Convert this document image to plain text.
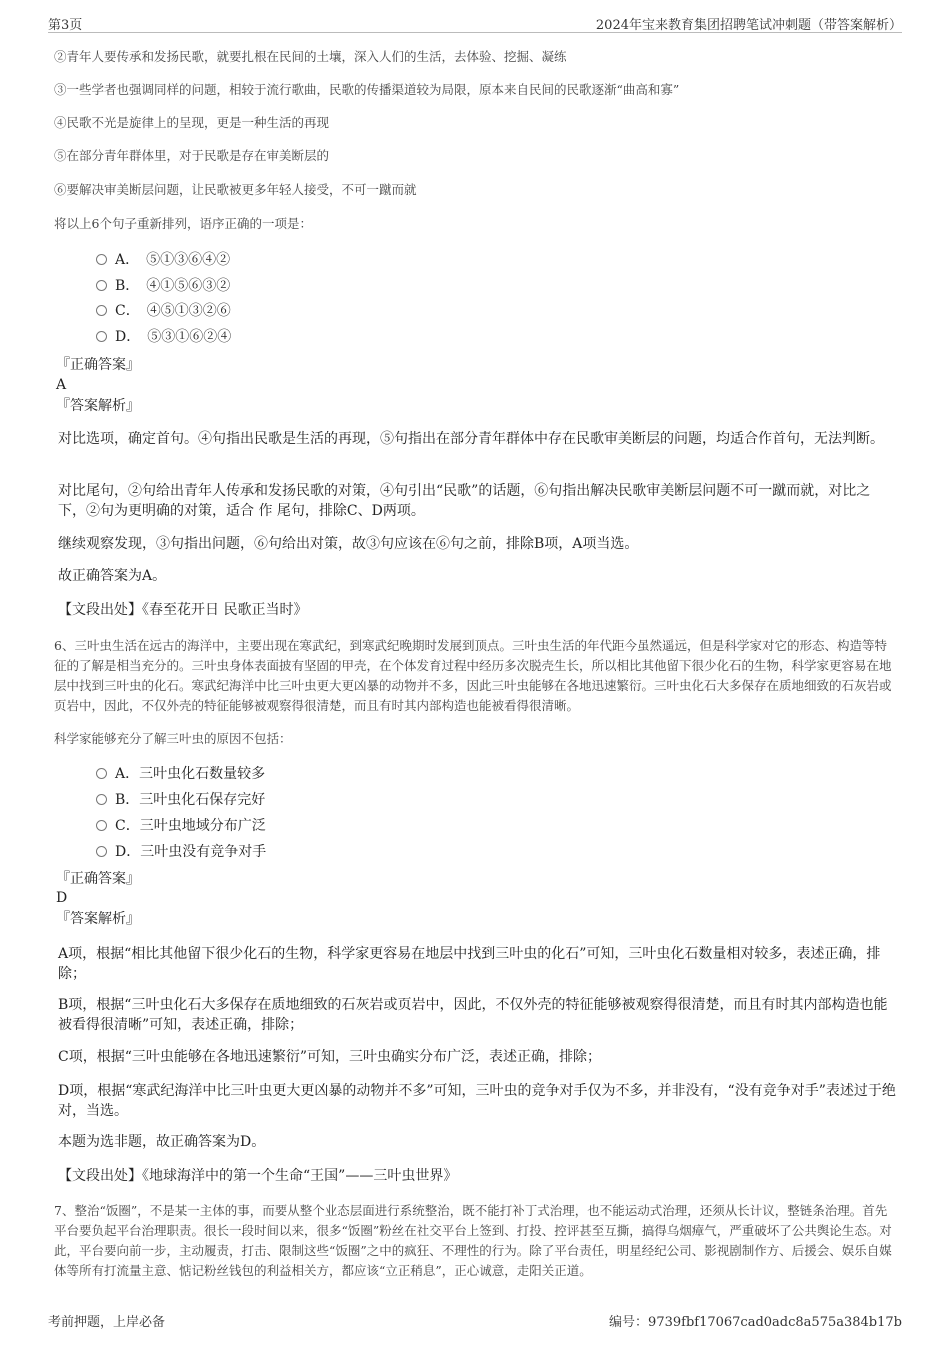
第3页	2024年宝来教育集团招聘笔试冲刺题（带答案解析）
②青年人要传承和发扬民歌，就要扎根在民间的土壤，深入人们的生活，去体验、挖掘、凝练
③一些学者也强调同样的问题，相较于流行歌曲，民歌的传播渠道较为局限，原本来自民间的民歌逐渐“曲高和寡”
④民歌不光是旋律上的呈现，更是一种生活的再现
⑤在部分青年群体里，对于民歌是存在审美断层的
⑥要解决审美断层问题，让民歌被更多年轻人接受，不可一蹴而就
将以上6个句子重新排列，语序正确的一项是：
A．　⑤①③⑥④②
B．　④①⑤⑥③②
C．　④⑤①③②⑥
D．　⑤③①⑥②④
『正确答案』
A
『答案解析』
对比选项，确定首句。④句指出民歌是生活的再现，⑤句指出在部分青年群体中存在民歌审美断层的问题，均适合作首句，无法判断。
对比尾句，②句给出青年人传承和发扬民歌的对策，④句引出“民歌”的话题，⑥句指出解决民歌审美断层问题不可一蹴而就，对比之下，②句为更明确的对策，适合 作 尾句，排除C、D两项。
继续观察发现，③句指出问题，⑥句给出对策，故③句应该在⑥句之前，排除B项，A项当选。
故正确答案为A。
【文段出处】《春至花开日 民歌正当时》
6、三叶虫生活在远古的海洋中，主要出现在寒武纪，到寒武纪晚期时发展到顶点。三叶虫生活的年代距今虽然遥远，但是科学家对它的形态、构造等特征的了解是相当充分的。三叶虫身体表面披有坚固的甲壳，在个体发育过程中经历多次脱壳生长，所以相比其他留下很少化石的生物，科学家更容易在地层中找到三叶虫的化石。寒武纪海洋中比三叶虫更大更凶暴的动物并不多，因此三叶虫能够在各地迅速繁衍。三叶虫化石大多保存在质地细致的石灰岩或页岩中，因此，不仅外壳的特征能够被观察得很清楚，而且有时其内部构造也能被看得很清晰。
科学家能够充分了解三叶虫的原因不包括：
A．三叶虫化石数量较多
B．三叶虫化石保存完好
C．三叶虫地域分布广泛
D．三叶虫没有竞争对手
『正确答案』
D
『答案解析』
A项，根据“相比其他留下很少化石的生物，科学家更容易在地层中找到三叶虫的化石”可知，三叶虫化石数量相对较多，表述正确，排除；
B项，根据“三叶虫化石大多保存在质地细致的石灰岩或页岩中，因此，不仅外壳的特征能够被观察得很清楚，而且有时其内部构造也能被看得很清晰”可知，表述正确，排除；
C项，根据“三叶虫能够在各地迅速繁衍”可知，三叶虫确实分布广泛，表述正确，排除；
D项，根据“寒武纪海洋中比三叶虫更大更凶暴的动物并不多”可知，三叶虫的竞争对手仅为不多，并非没有，“没有竞争对手”表述过于绝对，当选。
本题为选非题，故正确答案为D。
【文段出处】《地球海洋中的第一个生命“王国”——三叶虫世界》
7、整治“饭圈”，不是某一主体的事，而要从整个业态层面进行系统整治，既不能打补丁式治理，也不能运动式治理，还须从长计议，整链条治理。首先平台要负起平台治理职责。很长一段时间以来，很多“饭圈”粉丝在社交平台上签到、打投、控评甚至互撕，搞得乌烟瘴气，严重破坏了公共舆论生态。对此，平台要向前一步，主动履责，打击、限制这些“饭圈”之中的疯狂、不理性的行为。除了平台责任，明星经纪公司、影视剧制作方、后援会、娱乐自媒体等所有打流量主意、惦记粉丝钱包的利益相关方，都应该“立正稍息”，正心诚意，走阳关正道。
考前押题，上岸必备	编号：9739fbf17067cad0adc8a575a384b17b
